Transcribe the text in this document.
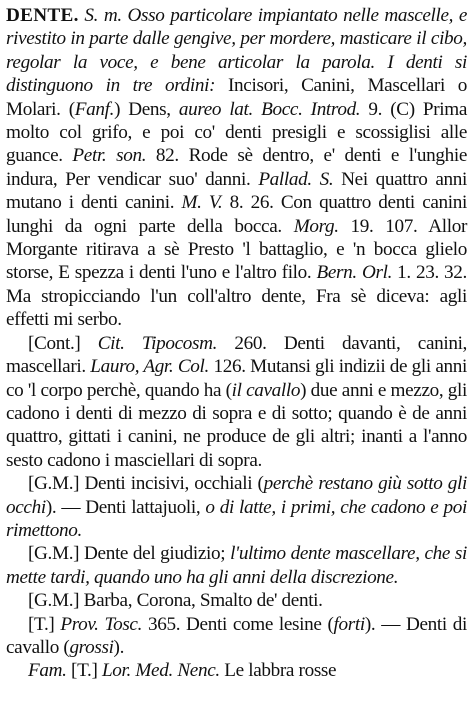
DENTE. S. m. Osso particolare impiantato nelle mascelle, e rivestito in parte dalle gengive, per mordere, masticare il cibo, regolar la voce, e bene articolar la parola. I denti si distinguono in tre ordini: Incisori, Canini, Mascellari o Molari. (Fanf.) Dens, aureo lat. Bocc. Introd. 9. (C) Prima molto col grifo, e poi co' denti presigli e scossiglisi alle guance. Petr. son. 82. Rode sè dentro, e' denti e l'unghie indura, Per vendicar suo' danni. Pallad. S. Nei quattro anni mutano i denti canini. M. V. 8. 26. Con quattro denti canini lunghi da ogni parte della bocca. Morg. 19. 107. Allor Morgante ritirava a sè Presto 'l battaglio, e 'n bocca glielo storse, E spezza i denti l'uno e l'altro filo. Bern. Orl. 1. 23. 32. Ma stropicciando l'un coll'altro dente, Fra sè diceva: agli effetti mi serbo.

[Cont.] Cit. Tipocosm. 260. Denti davanti, canini, mascellari. Lauro, Agr. Col. 126. Mutansi gli indizii de gli anni co 'l corpo perchè, quando ha (il cavallo) due anni e mezzo, gli cadono i denti di mezzo di sopra e di sotto; quando è de anni quattro, gittati i canini, ne produce de gli altri; inanti a l'anno sesto cadono i masciellari di sopra.

[G.M.] Denti incisivi, occhiali (perchè restano giù sotto gli occhi). — Denti lattajuoli, o di latte, i primi, che cadono e poi rimettono.

[G.M.] Dente del giudizio; l'ultimo dente mascellare, che si mette tardi, quando uno ha gli anni della discrezione.

[G.M.] Barba, Corona, Smalto de' denti.

[T.] Prov. Tosc. 365. Denti come lesine (forti). — Denti di cavallo (grossi).

Fam. [T.] Lor. Med. Nenc. Le labbra rosse
